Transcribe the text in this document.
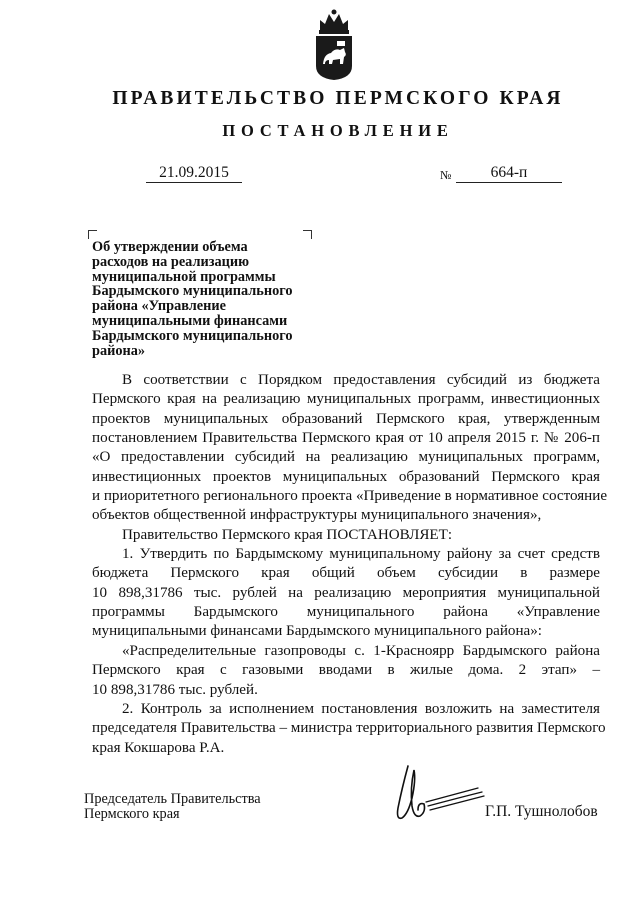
ПРАВИТЕЛЬСТВО ПЕРМСКОГО КРАЯ
ПОСТАНОВЛЕНИЕ
21.09.2015	№	664-п
Об утверждении объема
расходов на реализацию
муниципальной программы
Бардымского муниципального
района «Управление
муниципальными финансами
Бардымского муниципального
района»
В соответствии с Порядком предоставления субсидий из бюджета
Пермского края на реализацию муниципальных программ, инвестиционных
проектов муниципальных образований Пермского края, утвержденным
постановлением Правительства Пермского края от 10 апреля 2015 г. № 206-п
«О предоставлении субсидий на реализацию муниципальных программ,
инвестиционных проектов муниципальных образований Пермского края
и приоритетного регионального проекта «Приведение в нормативное состояние
объектов общественной инфраструктуры муниципального значения»,
Правительство Пермского края ПОСТАНОВЛЯЕТ:
1. Утвердить по Бардымскому муниципальному району за счет средств
бюджета Пермского края общий объем субсидии в размере
10 898,31786 тыс. рублей на реализацию мероприятия муниципальной
программы Бардымского муниципального района «Управление
муниципальными финансами Бардымского муниципального района»:
«Распределительные газопроводы с. 1-Красноярр Бардымского района
Пермского края с газовыми вводами в жилые дома. 2 этап» –
10 898,31786 тыс. рублей.
2. Контроль за исполнением постановления возложить на заместителя
председателя Правительства – министра территориального развития Пермского
края Кокшарова Р.А.
Председатель Правительства
Пермского края	Г.П. Тушнолобов
